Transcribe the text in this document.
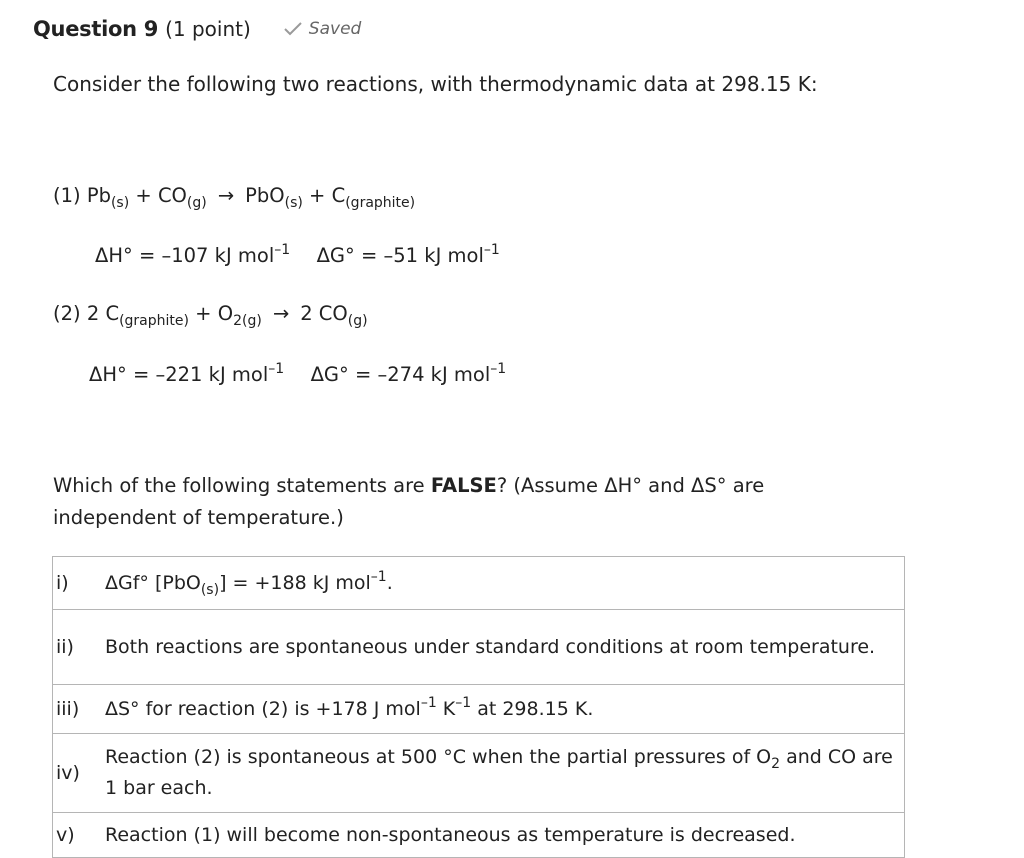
Question 9 (1 point)	Saved
Consider the following two reactions, with thermodynamic data at 298.15 K:
(1) $Pb_{(s)} + CO_{(g)} \to PbO_{(s)} + C_{(graphite)}$
ΔH° = –107 kJ mol$^{-1}$ ΔG° = –51 kJ mol$^{-1}$
(2) 2 $C_{(graphite)} + O_{2(g)} \to 2$ $CO_{(g)}$
ΔH° = –221 kJ mol$^{-1}$ ΔG° = –274 kJ mol$^{-1}$
Which of the following statements are FALSE? (Assume ΔH° and ΔS° are independent of temperature.)
i)	ΔGf° [PbO$_{(s)}$] = +188 kJ mol$^{-1}$.
ii)	Both reactions are spontaneous under standard conditions at room temperature.
iii)	ΔS° for reaction (2) is +178 J mol$^{-1}$ $K^{-1}$ at 298.15 K.
iv)	Reaction (2) is spontaneous at 500 °C when the partial pressures of $O_2$ and CO are 1 bar each.
v)	Reaction (1) will become non-spontaneous as temperature is decreased.
